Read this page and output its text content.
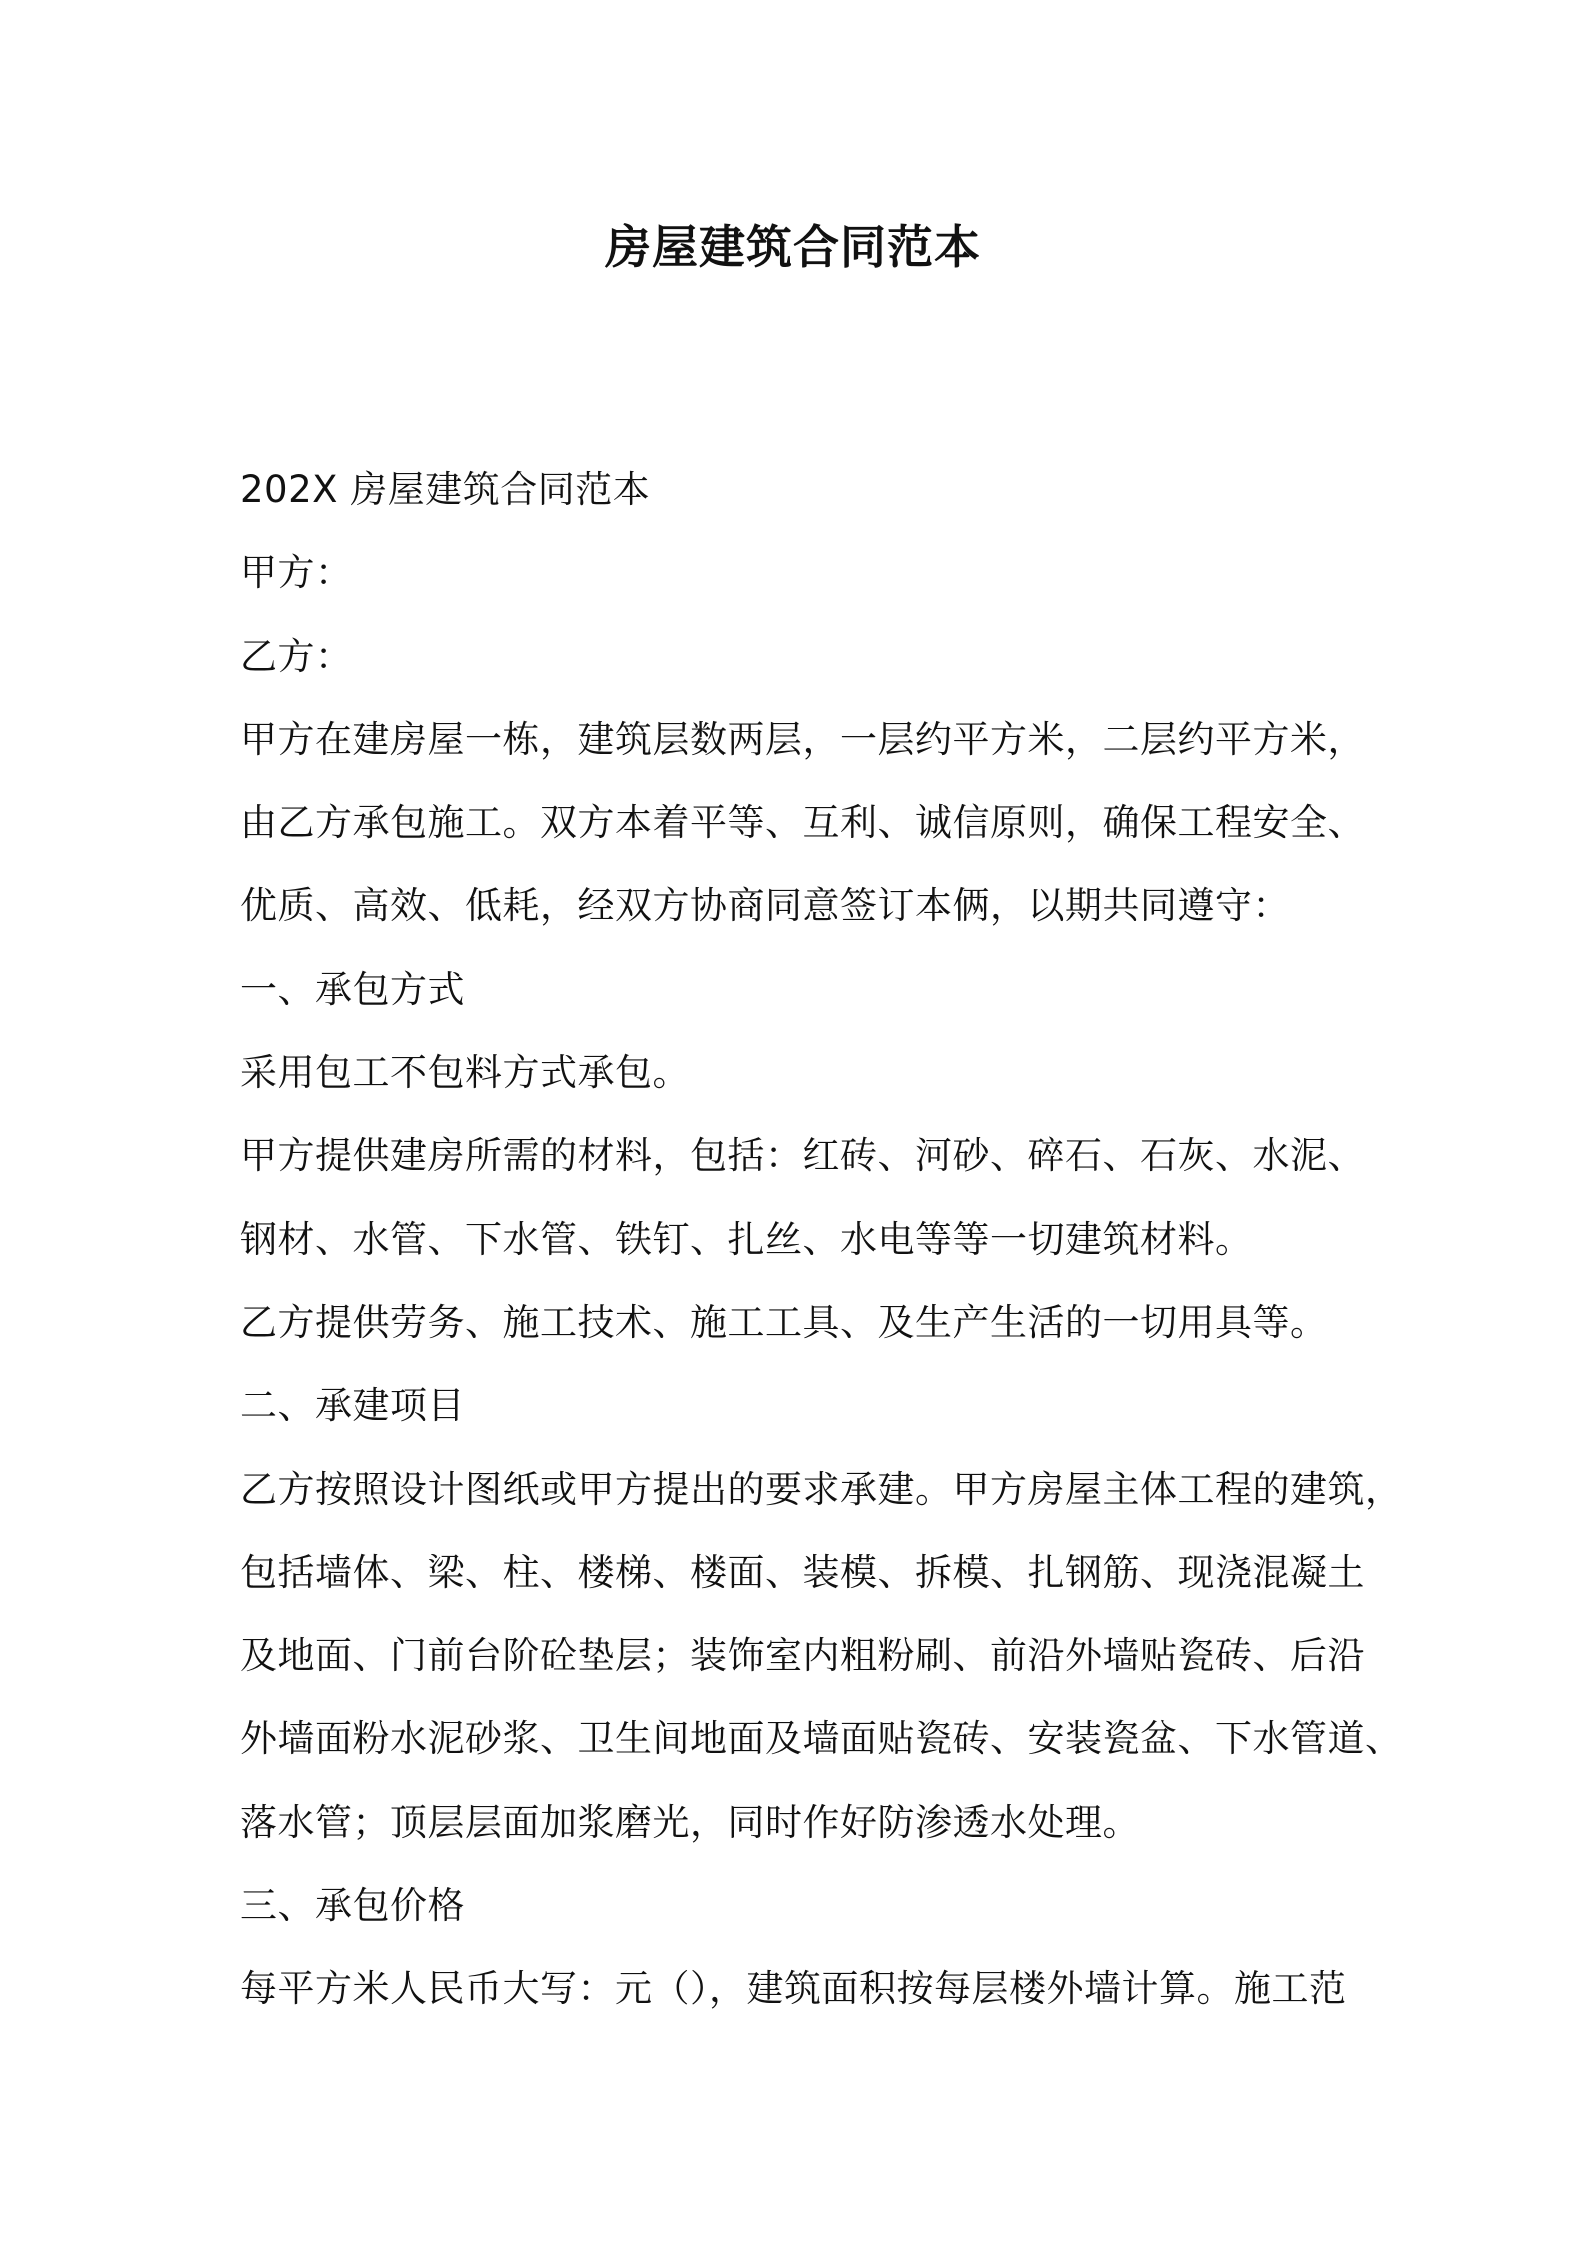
房屋建筑合同范本
202X 房屋建筑合同范本
甲方：
乙方：
甲方在建房屋一栋，建筑层数两层，一层约平方米，二层约平方米，
由乙方承包施工。双方本着平等、互利、诚信原则，确保工程安全、
优质、高效、低耗，经双方协商同意签订本俩，以期共同遵守：
一、承包方式
采用包工不包料方式承包。
甲方提供建房所需的材料，包括：红砖、河砂、碎石、石灰、水泥、
钢材、水管、下水管、铁钉、扎丝、水电等等一切建筑材料。
乙方提供劳务、施工技术、施工工具、及生产生活的一切用具等。
二、承建项目
乙方按照设计图纸或甲方提出的要求承建。甲方房屋主体工程的建筑，
包括墙体、梁、柱、楼梯、楼面、装模、拆模、扎钢筋、现浇混凝土
及地面、门前台阶砼垫层；装饰室内粗粉刷、前沿外墙贴瓷砖、后沿
外墙面粉水泥砂浆、卫生间地面及墙面贴瓷砖、安装瓷盆、下水管道、
落水管；顶层层面加浆磨光，同时作好防渗透水处理。
三、承包价格
每平方米人民币大写：元（），建筑面积按每层楼外墙计算。施工范
